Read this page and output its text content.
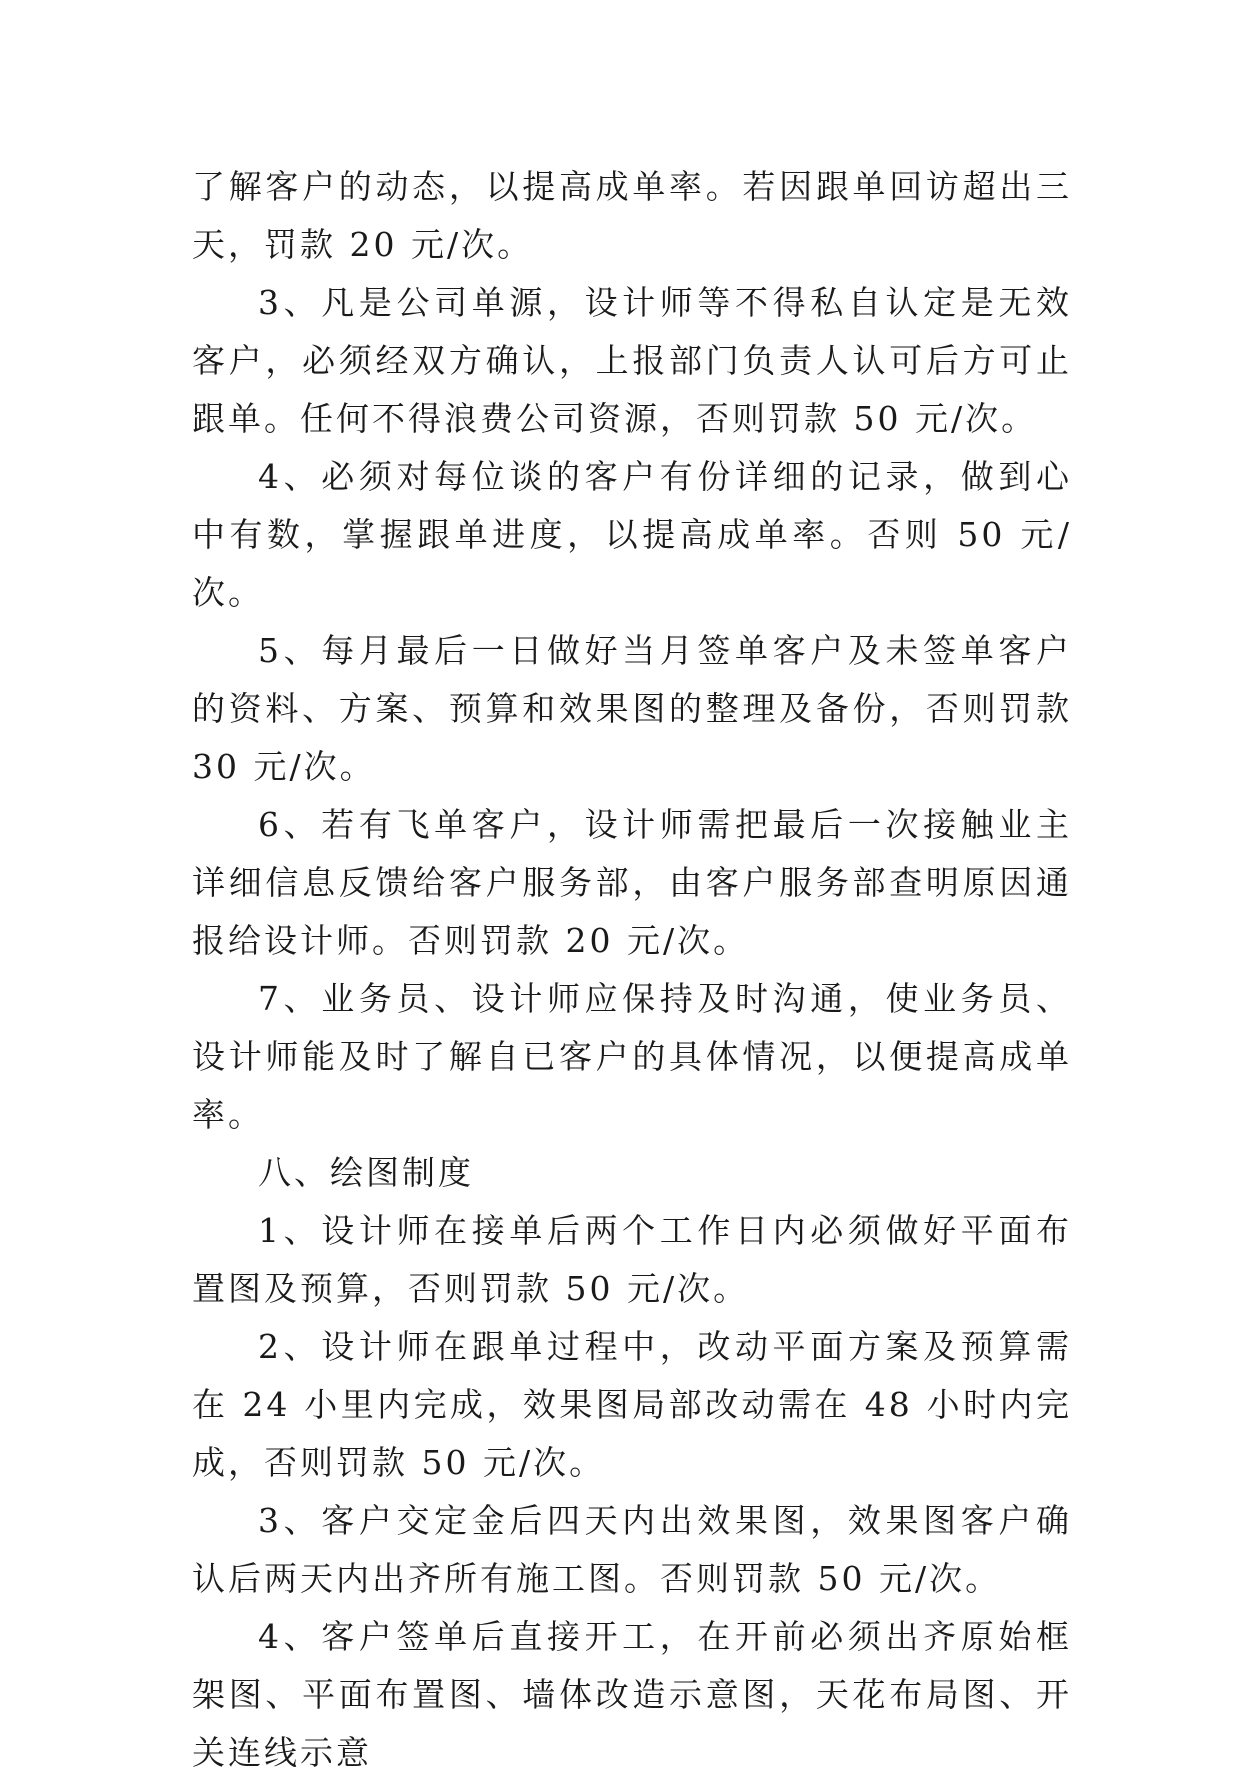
了解客户的动态，以提高成单率。若因跟单回访超出三天，罚款 20 元/次。

3、凡是公司单源，设计师等不得私自认定是无效客户，必须经双方确认，上报部门负责人认可后方可止跟单。任何不得浪费公司资源，否则罚款 50 元/次。

4、必须对每位谈的客户有份详细的记录，做到心中有数，掌握跟单进度，以提高成单率。否则 50 元/次。

5、每月最后一日做好当月签单客户及未签单客户的资料、方案、预算和效果图的整理及备份，否则罚款 30 元/次。

6、若有飞单客户，设计师需把最后一次接触业主详细信息反馈给客户服务部，由客户服务部查明原因通报给设计师。否则罚款 20 元/次。

7、业务员、设计师应保持及时沟通，使业务员、设计师能及时了解自已客户的具体情况，以便提高成单率。

八、绘图制度

1、设计师在接单后两个工作日内必须做好平面布置图及预算，否则罚款 50 元/次。

2、设计师在跟单过程中，改动平面方案及预算需在 24 小里内完成，效果图局部改动需在 48 小时内完成，否则罚款 50 元/次。

3、客户交定金后四天内出效果图，效果图客户确认后两天内出齐所有施工图。否则罚款 50 元/次。

4、客户签单后直接开工，在开前必须出齐原始框架图、平面布置图、墙体改造示意图，天花布局图、开关连线示意
